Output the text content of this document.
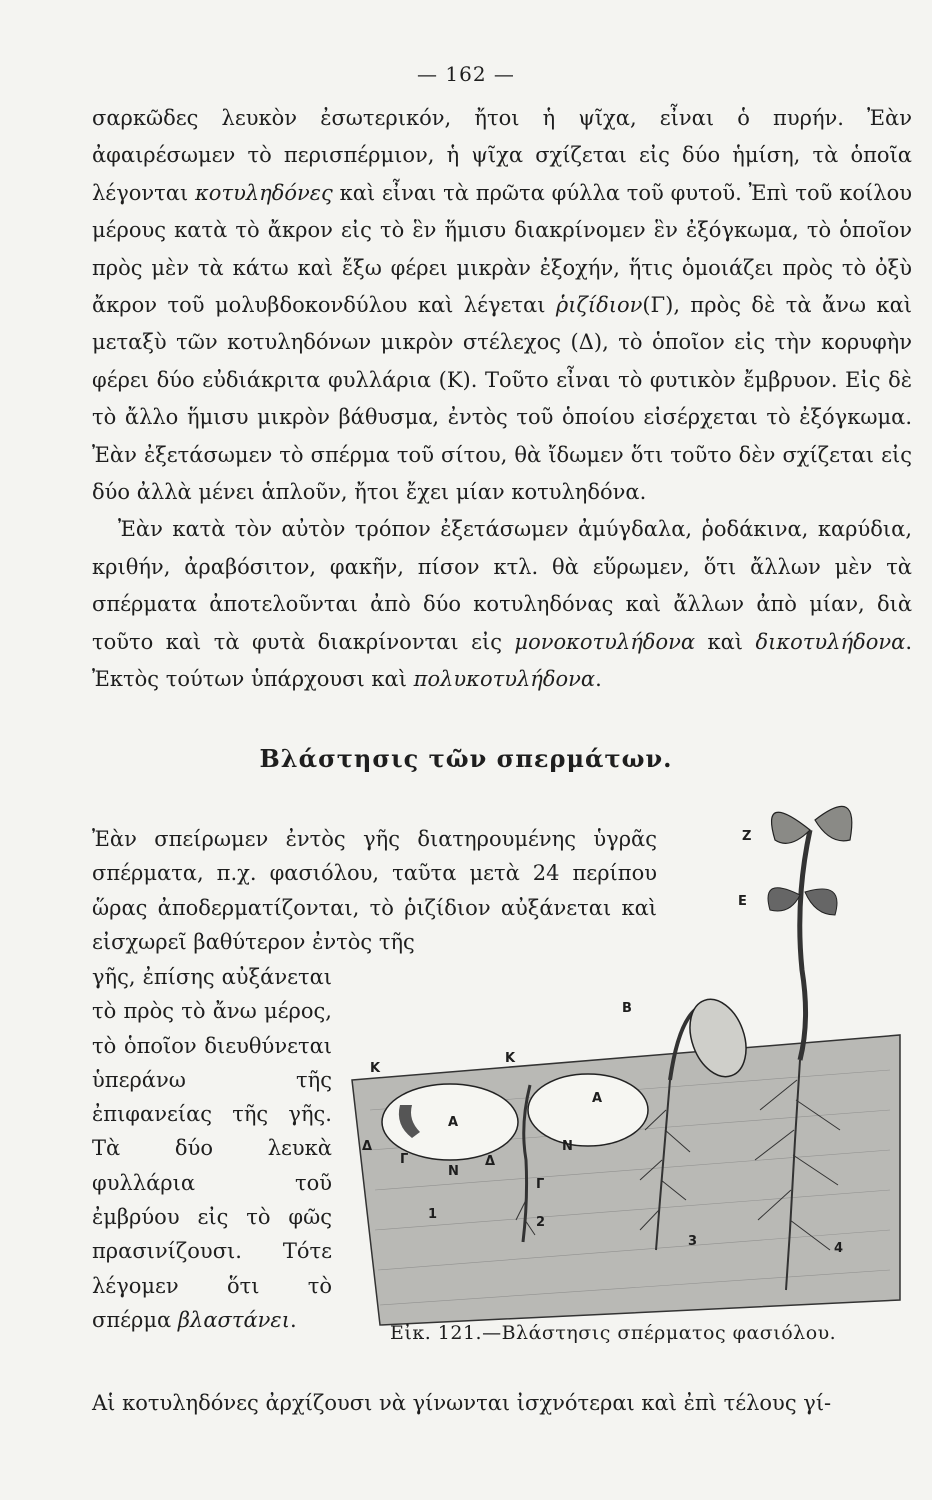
— 162 —

σαρκῶδες λευκὸν ἐσωτερικόν, ἤτοι ἡ ψῖχα, εἶναι ὁ πυρήν. Ἐὰν ἀφαιρέσωμεν τὸ περισπέρμιον, ἡ ψῖχα σχίζεται εἰς δύο ἡμίση, τὰ ὁποῖα λέγονται κοτυληδόνες καὶ εἶναι τὰ πρῶτα φύλλα τοῦ φυτοῦ. Ἐπὶ τοῦ κοίλου μέρους κατὰ τὸ ἄκρον εἰς τὸ ἓν ἥμισυ διακρίνομεν ἓν ἐξόγκωμα, τὸ ὁποῖον πρὸς μὲν τὰ κάτω καὶ ἔξω φέρει μικρὰν ἐξοχήν, ἥτις ὁμοιάζει πρὸς τὸ ὀξὺ ἄκρον τοῦ μολυβδοκονδύλου καὶ λέγεται ῥιζίδιον(Γ), πρὸς δὲ τὰ ἄνω καὶ μεταξὺ τῶν κοτυληδόνων μικρὸν στέλεχος (Δ), τὸ ὁποῖον εἰς τὴν κορυφὴν φέρει δύο εὐδιάκριτα φυλλάρια (Κ). Τοῦτο εἶναι τὸ φυτικὸν ἔμβρυον. Εἰς δὲ τὸ ἄλλο ἥμισυ μικρὸν βάθυσμα, ἐντὸς τοῦ ὁποίου εἰσέρχεται τὸ ἐξόγκωμα. Ἐὰν ἐξετάσωμεν τὸ σπέρμα τοῦ σίτου, θὰ ἴδωμεν ὅτι τοῦτο δὲν σχίζεται εἰς δύο ἀλλὰ μένει ἁπλοῦν, ἤτοι ἔχει μίαν κοτυληδόνα.

Ἐὰν κατὰ τὸν αὐτὸν τρόπον ἐξετάσωμεν ἀμύγδαλα, ῥοδάκινα, καρύδια, κριθήν, ἀραβόσιτον, φακῆν, πίσον κτλ. θὰ εὕρωμεν, ὅτι ἄλλων μὲν τὰ σπέρματα ἀποτελοῦνται ἀπὸ δύο κοτυληδόνας καὶ ἄλλων ἀπὸ μίαν, διὰ τοῦτο καὶ τὰ φυτὰ διακρίνονται εἰς μονοκοτυλήδονα καὶ δικοτυλήδονα. Ἐκτὸς τούτων ὑπάρχουσι καὶ πολυκοτυλήδονα.

Βλάστησις τῶν σπερμάτων.
Ἐὰν σπείρωμεν ἐντὸς γῆς διατηρουμένης ὑγρᾶς σπέρματα, π.χ. φασιόλου, ταῦτα μετὰ 24 περίπου ὥρας ἀποδερματίζονται, τὸ ῥιζίδιον αὐξάνεται καὶ εἰσχωρεῖ βαθύτερον ἐντὸς τῆς
γῆς, ἐπίσης αὐξάνεται τὸ πρὸς τὸ ἄνω μέρος, τὸ ὁποῖον διευθύνεται ὑπεράνω τῆς ἐπιφανείας τῆς γῆς. Τὰ δύο λευκὰ φυλλάρια τοῦ ἐμβρύου εἰς τὸ φῶς πρασινίζουσι. Τότε λέγομεν ὅτι τὸ σπέρμα βλαστάνει.
Αἱ κοτυληδόνες ἀρχίζουσι νὰ γίνωνται ἰσχνότεραι καὶ ἐπὶ τέλους γί-
Κ
Α
Δ
Γ
Ν
Κ
Α
Δ
Ν
Γ
Β
Ε
Ζ
1
2
3	4
Εἰκ. 121.—Βλάστησις σπέρματος φασιόλου.
